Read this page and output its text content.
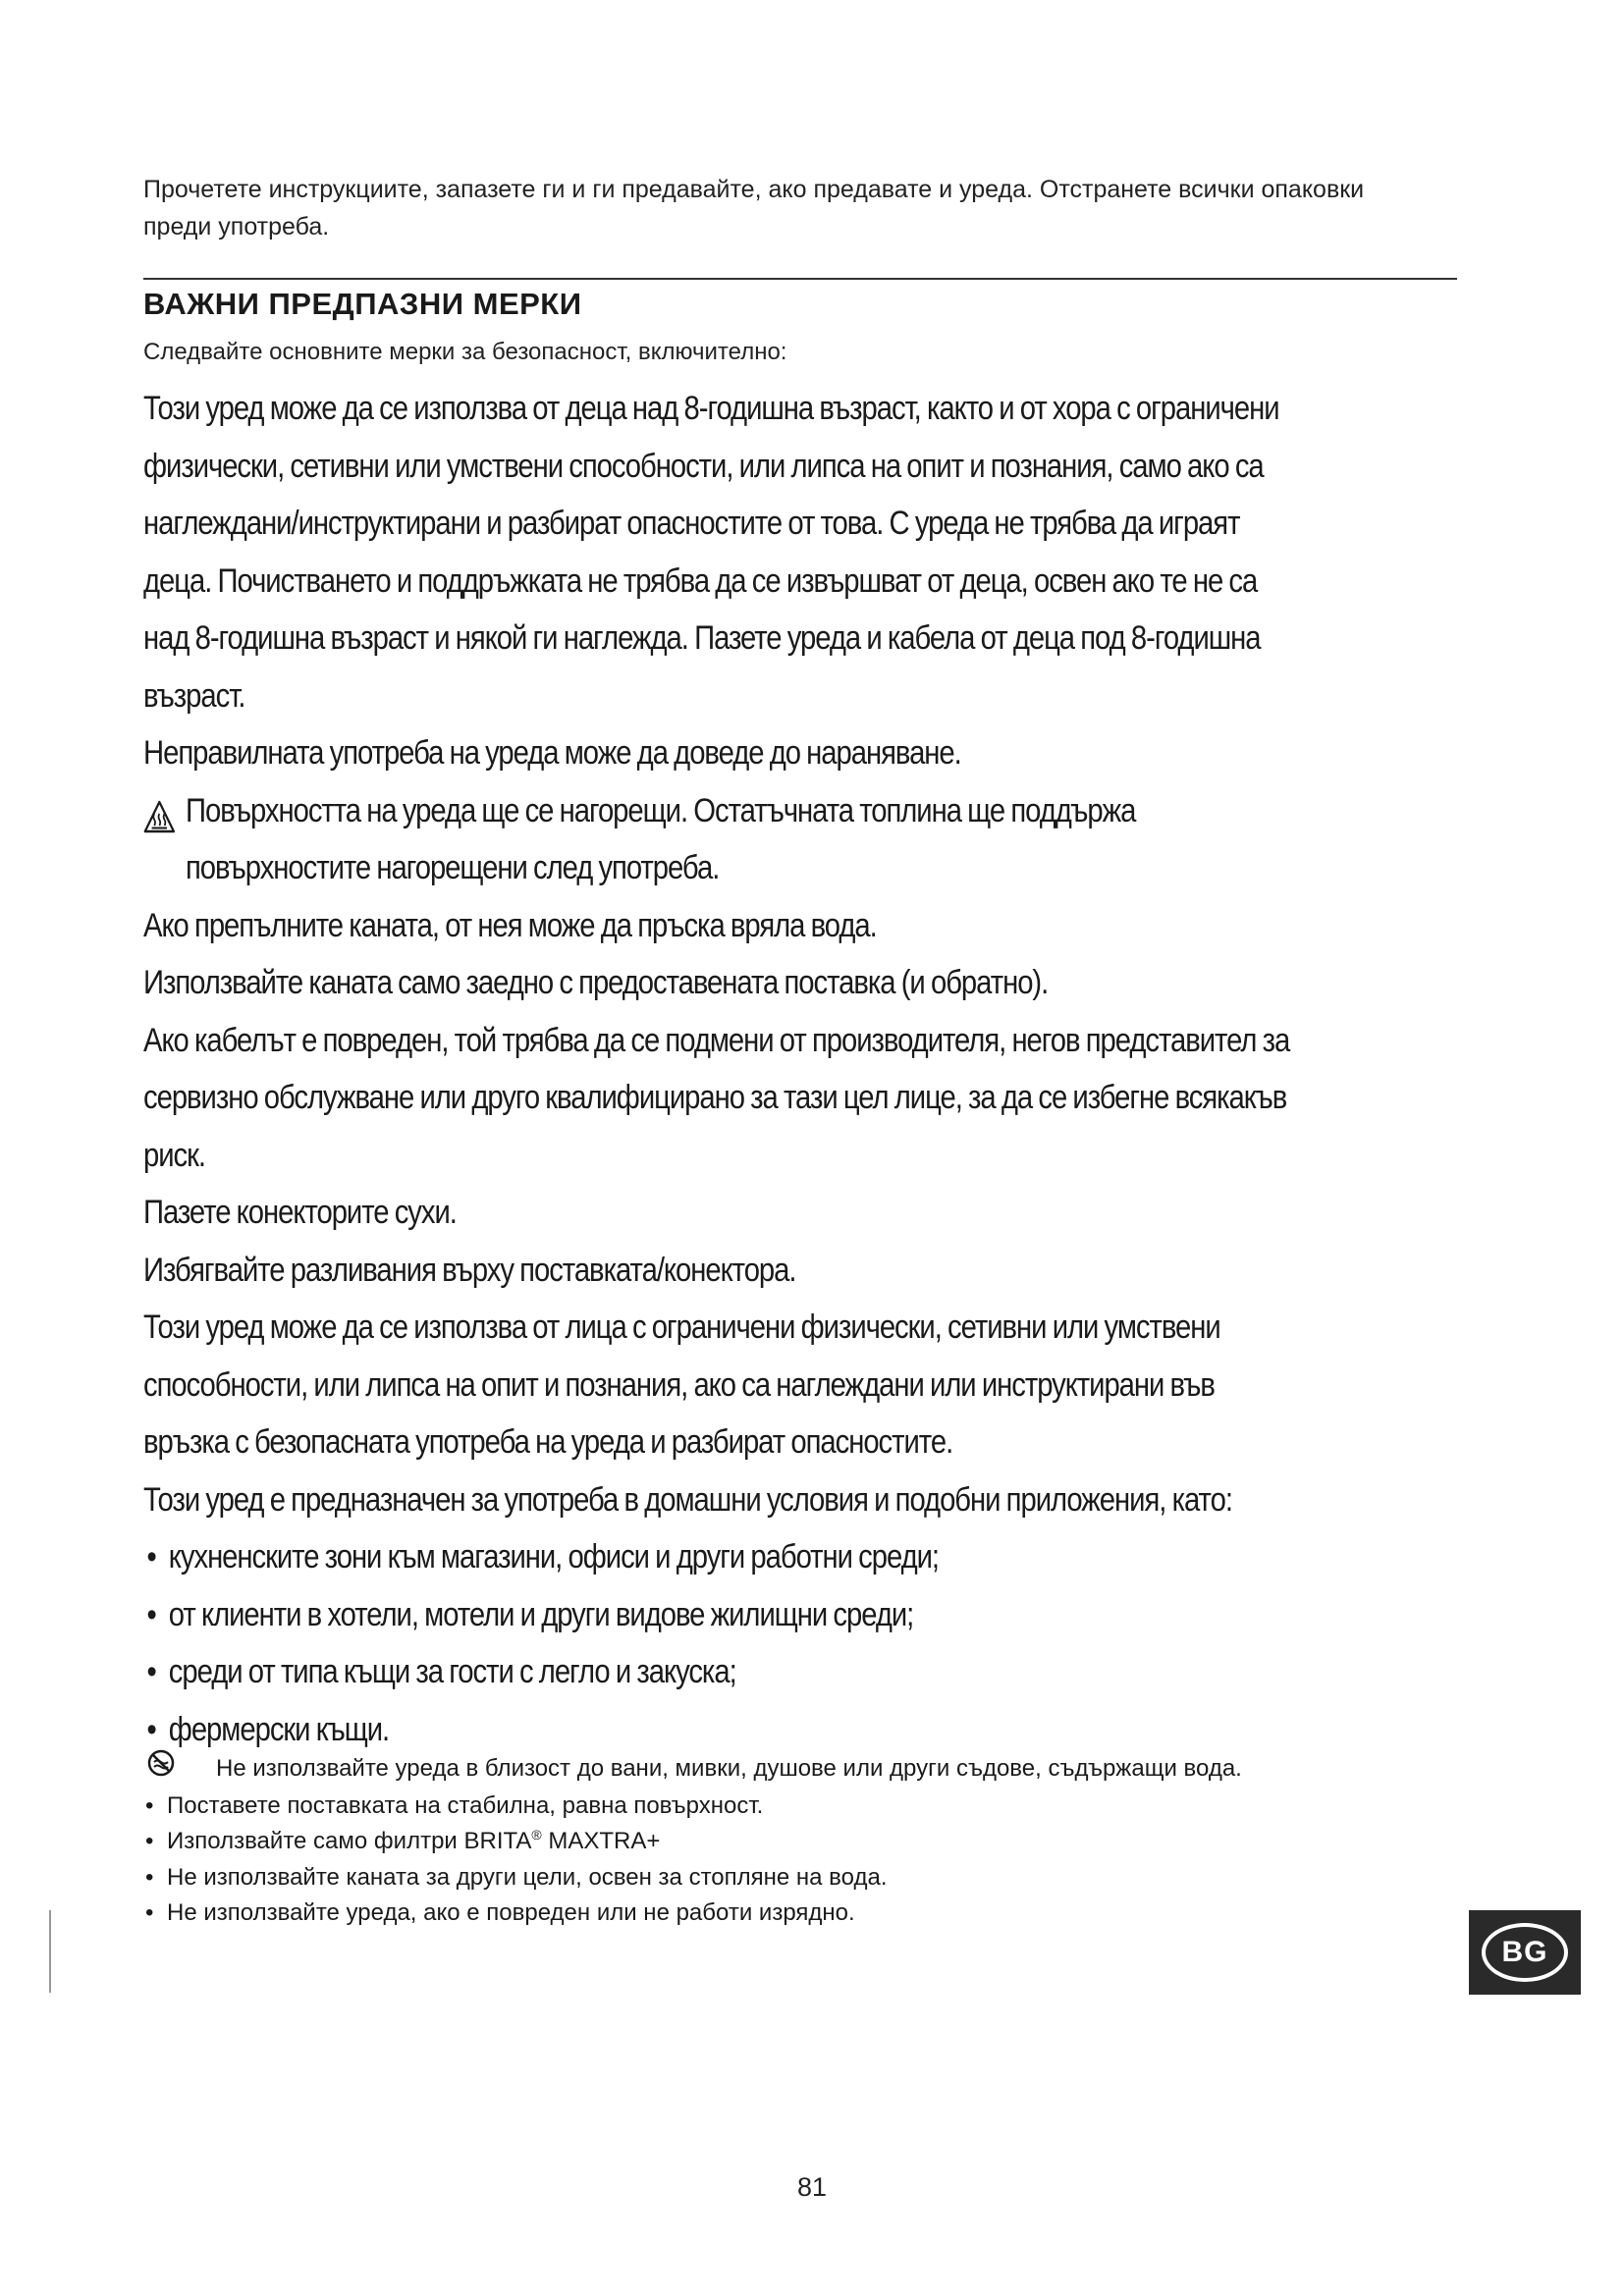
Прочетете инструкциите, запазете ги и ги предавайте, ако предавате и уреда. Отстранете всички опаковки преди употреба.
ВАЖНИ ПРЕДПАЗНИ МЕРКИ
Следвайте основните мерки за безопасност, включително:

Този уред може да се използва от деца над 8-годишна възраст, както и от хора с ограничени физически, сетивни или умствени способности, или липса на опит и познания, само ако са наглеждани/инструктирани и разбират опасностите от това. С уреда не трябва да играят деца. Почистването и поддръжката не трябва да се извършват от деца, освен ако те не са над 8-годишна възраст и някой ги наглежда. Пазете уреда и кабела от деца под 8-годишна възраст.

Неправилната употреба на уреда може да доведе до нараняване.

Повърхността на уреда ще се нагорещи. Остатъчната топлина ще поддържа повърхностите нагорещени след употреба.

Ако препълните каната, от нея може да пръска вряла вода.

Използвайте каната само заедно с предоставената поставка (и обратно).

Ако кабелът е повреден, той трябва да се подмени от производителя, негов представител за сервизно обслужване или друго квалифицирано за тази цел лице, за да се избегне всякакъв риск.

Пазете конекторите сухи.

Избягвайте разливания върху поставката/конектора.

Този уред може да се използва от лица с ограничени физически, сетивни или умствени способности, или липса на опит и познания, ако са наглеждани или инструктирани във връзка с безопасната употреба на уреда и разбират опасностите.

Този уред е предназначен за употреба в домашни условия и подобни приложения, като:

• кухненските зони към магазини, офиси и други работни среди;
• от клиенти в хотели, мотели и други видове жилищни среди;
• среди от типа къщи за гости с легло и закуска;
• фермерски къщи.
Не използвайте уреда в близост до вани, мивки, душове или други съдове, съдържащи вода.
• Поставете поставката на стабилна, равна повърхност.
• Използвайте само филтри BRITA® MAXTRA+
• Не използвайте каната за други цели, освен за стопляне на вода.
• Не използвайте уреда, ако е повреден или не работи изрядно.
BG
81
